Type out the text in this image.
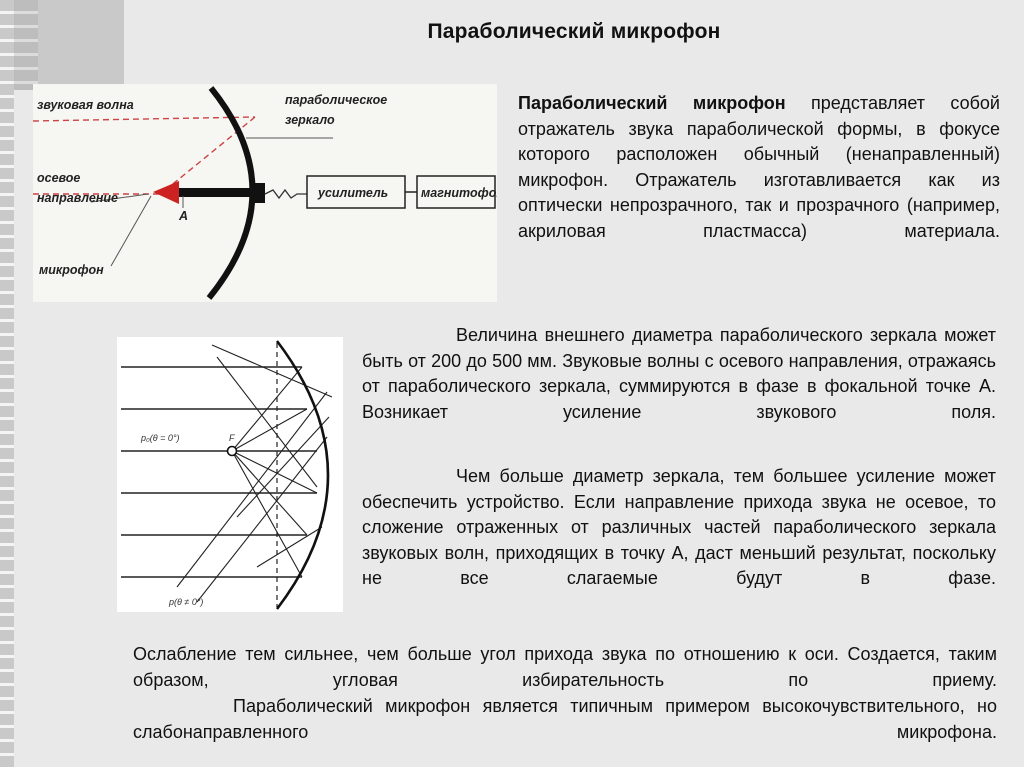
Параболический микрофон
звуковая волна	параболическое
зеркало
осевое
направление
А
микрофон
усилитель	магнитофон
p₀(θ = 0°)	F
p(θ ≠ 0°)

Параболический микрофон представляет собой отражатель звука параболической формы, в фокусе которого расположен обычный (ненаправленный) микрофон. Отражатель изготавливается как из оптически непрозрачного, так и прозрачного (например, акриловая пластмасса) материала.

Величина внешнего диаметра параболического зеркала может быть от 200 до 500 мм. Звуковые волны с осевого направления, отражаясь от параболического зеркала, суммируются в фазе в фокальной точке А. Возникает усиление звукового поля.

Чем больше диаметр зеркала, тем большее усиление может обеспечить устройство. Если направление прихода звука не осевое, то сложение отраженных от различных частей параболического зеркала звуковых волн, приходящих в точку А, даст меньший результат, поскольку не все слагаемые будут в фазе.

Ослабление тем сильнее, чем больше угол прихода звука по отношению к оси. Создается, таким образом, угловая избирательность по приему.

Параболический микрофон является типичным примером высокочувствительного, но слабонаправленного микрофона.
